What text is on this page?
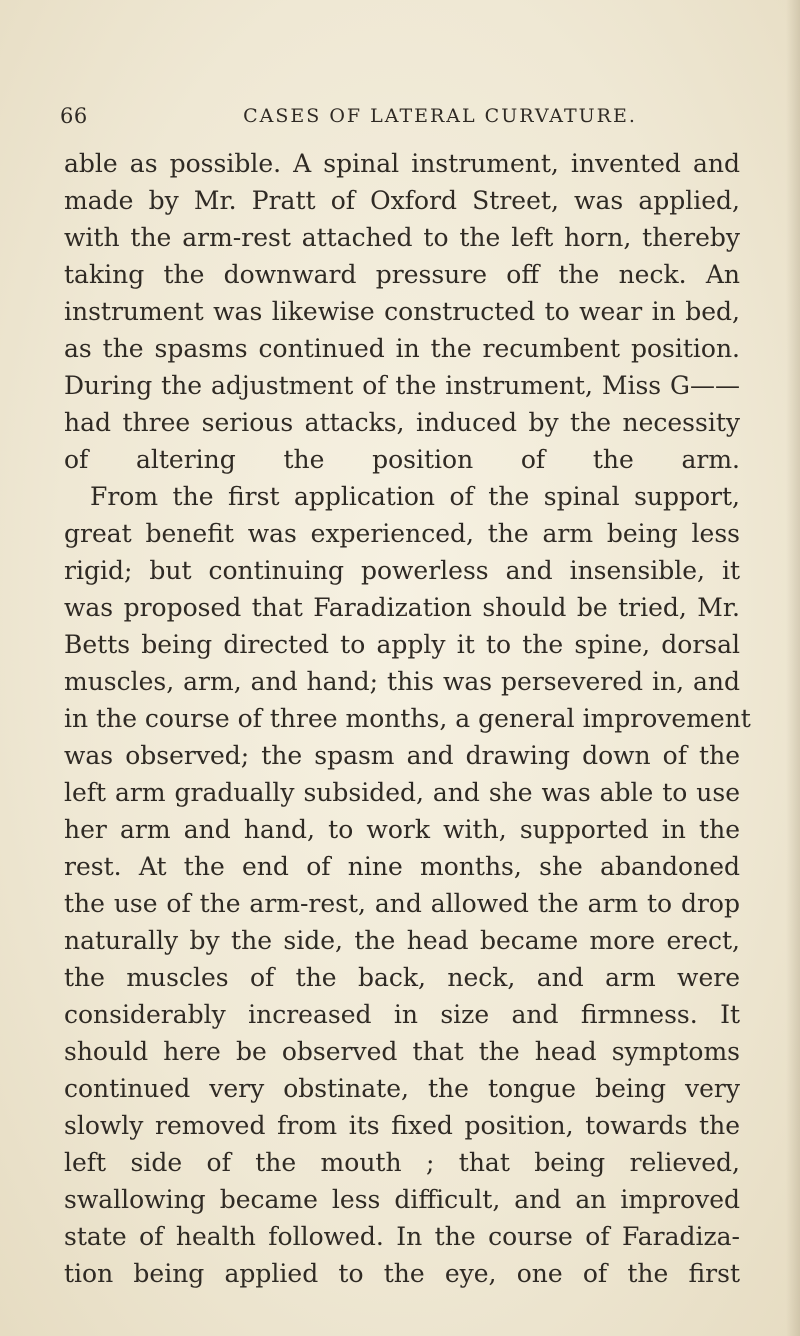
66	CASES OF LATERAL CURVATURE.
able as possible. A spinal instrument, invented and
made by Mr. Pratt of Oxford Street, was applied,
with the arm-rest attached to the left horn, thereby
taking the downward pressure off the neck. An
instrument was likewise constructed to wear in bed,
as the spasms continued in the recumbent position.
During the adjustment of the instrument, Miss G——
had three serious attacks, induced by the necessity
of altering the position of the arm.
From the first application of the spinal support,
great benefit was experienced, the arm being less
rigid; but continuing powerless and insensible, it
was proposed that Faradization should be tried, Mr.
Betts being directed to apply it to the spine, dorsal
muscles, arm, and hand; this was persevered in, and
in the course of three months, a general improvement
was observed; the spasm and drawing down of the
left arm gradually subsided, and she was able to use
her arm and hand, to work with, supported in the
rest. At the end of nine months, she abandoned
the use of the arm-rest, and allowed the arm to drop
naturally by the side, the head became more erect,
the muscles of the back, neck, and arm were
considerably increased in size and firmness. It
should here be observed that the head symptoms
continued very obstinate, the tongue being very
slowly removed from its fixed position, towards the
left side of the mouth ; that being relieved,
swallowing became less difficult, and an improved
state of health followed. In the course of Faradiza-
tion being applied to the eye, one of the first
